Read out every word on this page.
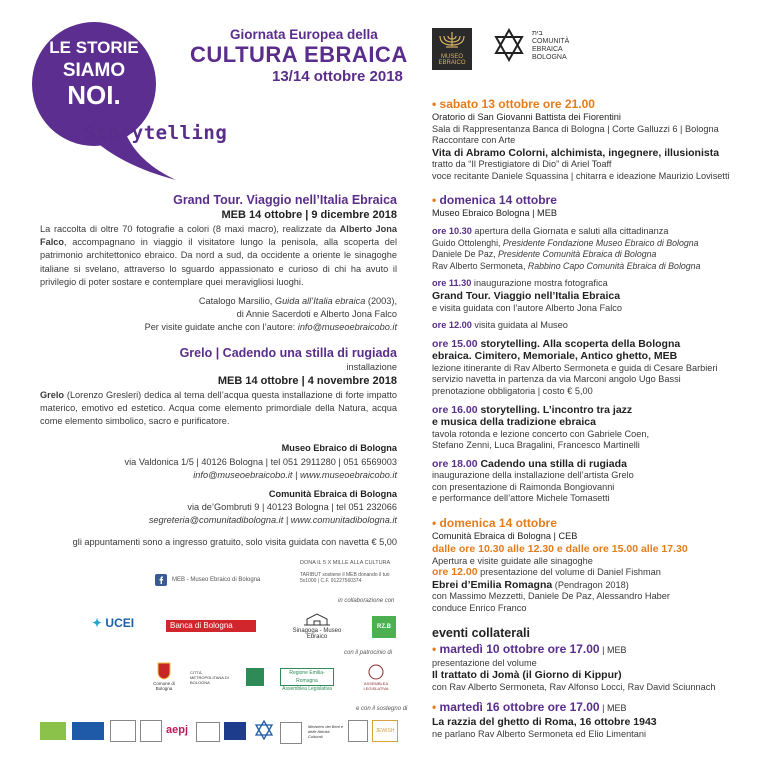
LE STORIE
SIAMO
NOI.
Storytelling
Giornata Europea della
CULTURA EBRAICA
13/14 ottobre 2018
MUSEO
EBRAICO
בית
COMUNITÀ
EBRAICA
BOLOGNA

Grand Tour. Viaggio nell’Italia Ebraica

MEB 14 ottobre | 9 dicembre 2018

La raccolta di oltre 70 fotografie a colori (8 maxi macro), realizzate da Alberto Jona Falco, accompagnano in viaggio il visitatore lungo la penisola, alla scoperta del patrimonio architettonico ebraico. Da nord a sud, da occidente a oriente le sinagoghe italiane si svelano, attraverso lo sguardo appassionato e curioso di chi ha avuto il privilegio di poter sostare e contemplare quei meravigliosi luoghi.

Catalogo Marsilio, Guida all’Italia ebraica (2003),

di Annie Sacerdoti e Alberto Jona Falco

Per visite guidate anche con l’autore: info@museoebraicobo.it

Grelo | Cadendo una stilla di rugiada

installazione

MEB 14 ottobre | 4 novembre 2018

Grelo (Lorenzo Gresleri) dedica al tema dell’acqua questa installazione di forte impatto materico, emotivo ed estetico. Acqua come elemento primordiale della Natura, acqua come elemento simbolico, sacro e purificatore.

Museo Ebraico di Bologna

via Valdonica 1/5 | 40126 Bologna | tel 051 2911280 | 051 6569003

info@museoebraicobo.it | www.museoebraicobo.it

Comunità Ebraica di Bologna

via de’Gombruti 9 | 40123 Bologna | tel 051 232066

segreteria@comunitadibologna.it | www.comunitadibologna.it

gli appuntamenti sono a ingresso gratuito, solo visita guidata con navetta € 5,00

• sabato 13 ottobre ore 21.00

Oratorio di San Giovanni Battista dei Fiorentini

Sala di Rappresentanza Banca di Bologna | Corte Galluzzi 6 | Bologna

Raccontare con Arte

Vita di Abramo Colorni, alchimista, ingegnere, illusionista

tratto da “Il Prestigiatore di Dio” di Ariel Toaff

voce recitante Daniele Squassina | chitarra e ideazione Maurizio Lovisetti

• domenica 14 ottobre

Museo Ebraico Bologna | MEB

ore 10.30 apertura della Giornata e saluti alla cittadinanza

Guido Ottolenghi, Presidente Fondazione Museo Ebraico di Bologna

Daniele De Paz, Presidente Comunità Ebraica di Bologna

Rav Alberto Sermoneta, Rabbino Capo Comunità Ebraica di Bologna

ore 11.30 inaugurazione mostra fotografica

Grand Tour. Viaggio nell’Italia Ebraica

e visita guidata con l’autore Alberto Jona Falco

ore 12.00 visita guidata al Museo

ore 15.00 storytelling. Alla scoperta della Bologna

ebraica. Cimitero, Memoriale, Antico ghetto, MEB

lezione itinerante di Rav Alberto Sermoneta e guida di Cesare Barbieri

servizio navetta in partenza da via Marconi angolo Ugo Bassi

prenotazione obbligatoria | costo € 5,00

ore 16.00 storytelling. L’incontro tra jazz

e musica della tradizione ebraica

tavola rotonda e lezione concerto con Gabriele Coen,

Stefano Zenni, Luca Bragalini, Francesco Martinelli

ore 18.00 Cadendo una stilla di rugiada

inaugurazione della installazione dell’artista Grelo

con presentazione di Raimonda Bongiovanni

e performance dell’attore Michele Tomasetti

• domenica 14 ottobre

Comunità Ebraica di Bologna | CEB

dalle ore 10.30 alle 12.30 e dalle ore 15.00 alle 17.30

Apertura e visite guidate alle sinagoghe

ore 12.00 presentazione del volume di Daniel Fishman

Ebrei d’Emilia Romagna (Pendragon 2018)

con Massimo Mezzetti, Daniele De Paz, Alessandro Haber

conduce Enrico Franco

eventi collaterali

• martedì 10 ottobre ore 17.00 | MEB

presentazione del volume

Il trattato di Jomà (il Giorno di Kippur)

con Rav Alberto Sermoneta, Rav Alfonso Locci, Rav David Sciunnach

• martedì 16 ottobre ore 17.00 | MEB

La razzia del ghetto di Roma, 16 ottobre 1943

ne parlano Rav Alberto Sermoneta ed Elio Limentani

MEB - Museo Ebraico di Bologna
DONA IL 5 X MILLE ALLA CULTURA
TARIBUT sostiene il MEB donando il tuo 5x1000 | C.F. 91227560374
in collaborazione con
✦ UCEI	Banca di Bologna

Sinagoga - Museo Ebraico
RZ.B
con il patrocinio di

Comune di Bologna
CITTÀ METROPOLITANA DI BOLOGNA
Regione Emilia-Romagna
Assemblea Legislativa

ASSEMBLEA LEGISLATIVA
e con il sostegno di
aepj	Ministero dei Beni e delle Attività Culturali
JEWISH
